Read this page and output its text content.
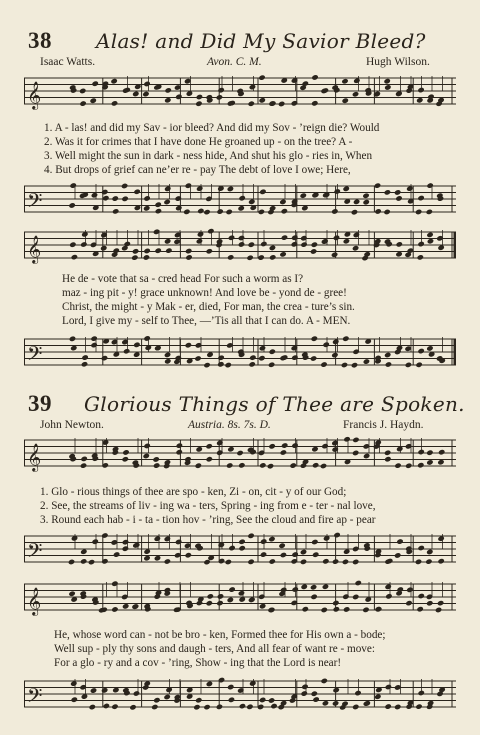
38 Alas! and Did My Savior Bleed?
Isaac Watts.	Avon. C. M.	Hugh Wilson.
𝄞
1. A - las! and did my Sav - ior bleed? And did my Sov - ’reign die? Would
2. Was it for crimes that I have done He groaned up - on the tree? A -
3. Well might the sun in dark - ness hide, And shut his glo - ries in, When
4. But drops of grief can ne’er re - pay The debt of love I owe; Here,
𝄢
𝄞
He de - vote that sa - cred head For such a worm as I?
maz - ing pit - y! grace unknown! And love be - yond de - gree!
Christ, the might - y Mak - er, died, For man, the crea - ture’s sin.
Lord, I give my - self to Thee, —’Tis all that I can do. A - MEN.
𝄢
39 Glorious Things of Thee are Spoken.
John Newton.	Austria. 8s. 7s. D.	Francis J. Haydn.
𝄞
1. Glo - rious things of thee are spo - ken, Zi - on, cit - y of our God;
2. See, the streams of liv - ing wa - ters, Spring - ing from e - ter - nal love,
3. Round each hab - i - ta - tion hov - ’ring, See the cloud and fire ap - pear
𝄢
𝄞
He, whose word can - not be bro - ken, Formed thee for His own a - bode;
Well sup - ply thy sons and daugh - ters, And all fear of want re - move:
For a glo - ry and a cov - ’ring, Show - ing that the Lord is near!
𝄢
